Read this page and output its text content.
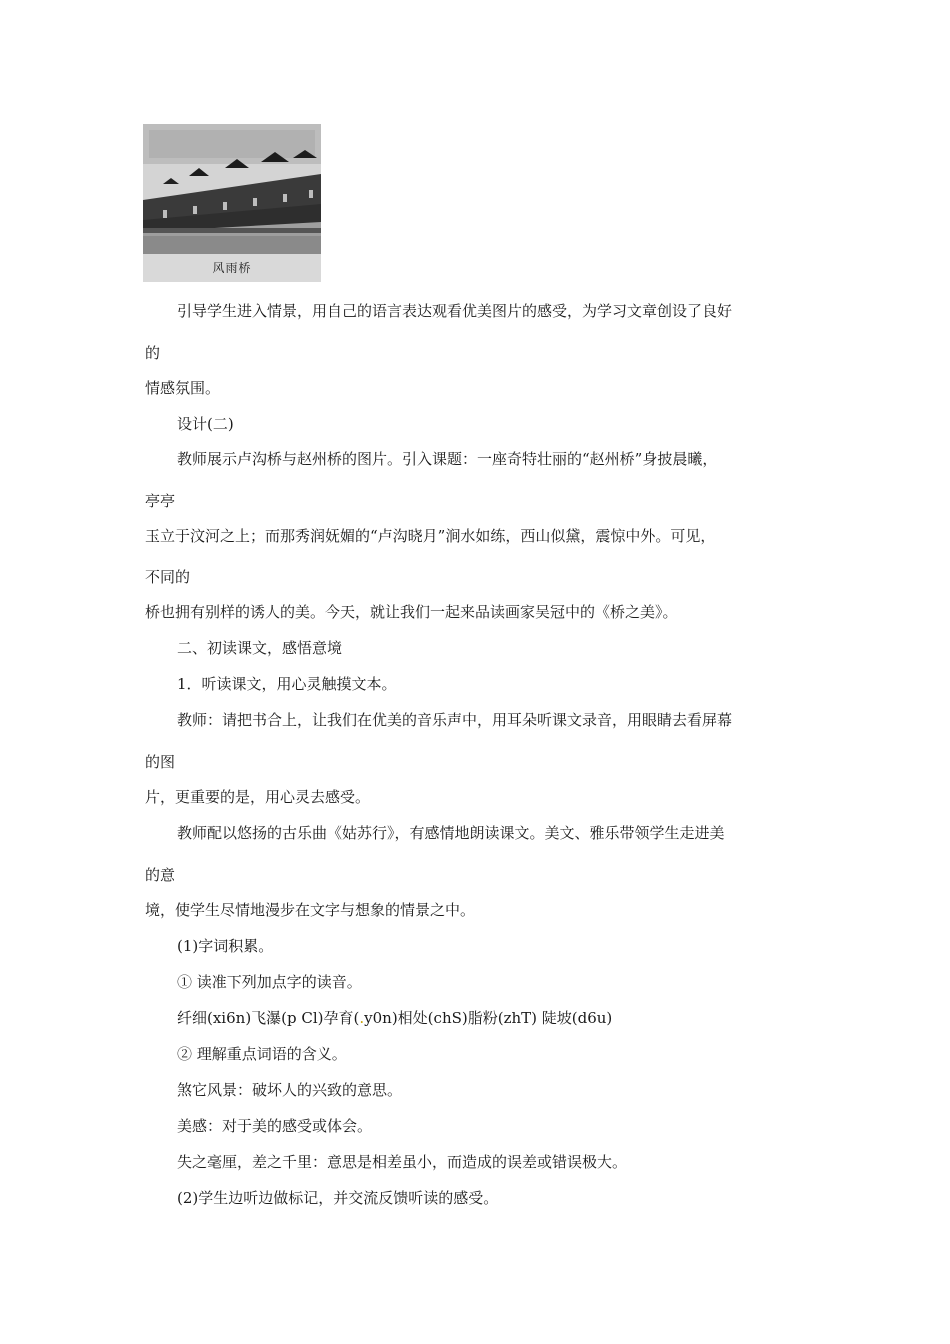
风雨桥
引导学生进入情景，用自己的语言表达观看优美图片的感受，为学习文章创设了良好
的
情感氛围。
设计(二)
教师展示卢沟桥与赵州桥的图片。引入课题：一座奇特壮丽的“赵州桥”身披晨曦，
亭亭
玉立于汶河之上；而那秀润妩媚的“卢沟晓月”涧水如练，西山似黛，震惊中外。可见，
不同的
桥也拥有别样的诱人的美。今天，就让我们一起来品读画家吴冠中的《桥之美》。
二、初读课文，感悟意境
1．听读课文，用心灵触摸文本。
教师：请把书合上，让我们在优美的音乐声中，用耳朵听课文录音，用眼睛去看屏幕
的图
片，更重要的是，用心灵去感受。
教师配以悠扬的古乐曲《姑苏行》，有感情地朗读课文。美文、雅乐带领学生走进美
的意
境，使学生尽情地漫步在文字与想象的情景之中。
(1)字词积累。
① 读准下列加点字的读音。
纤细(xi6n)飞瀑(p Cl)孕育(.y0n)相处(chS)脂粉(zhT) 陡坡(d6u)
② 理解重点词语的含义。
煞它风景：破坏人的兴致的意思。
美感：对于美的感受或体会。
失之毫厘，差之千里：意思是相差虽小，而造成的误差或错误极大。
(2)学生边听边做标记，并交流反馈听读的感受。
